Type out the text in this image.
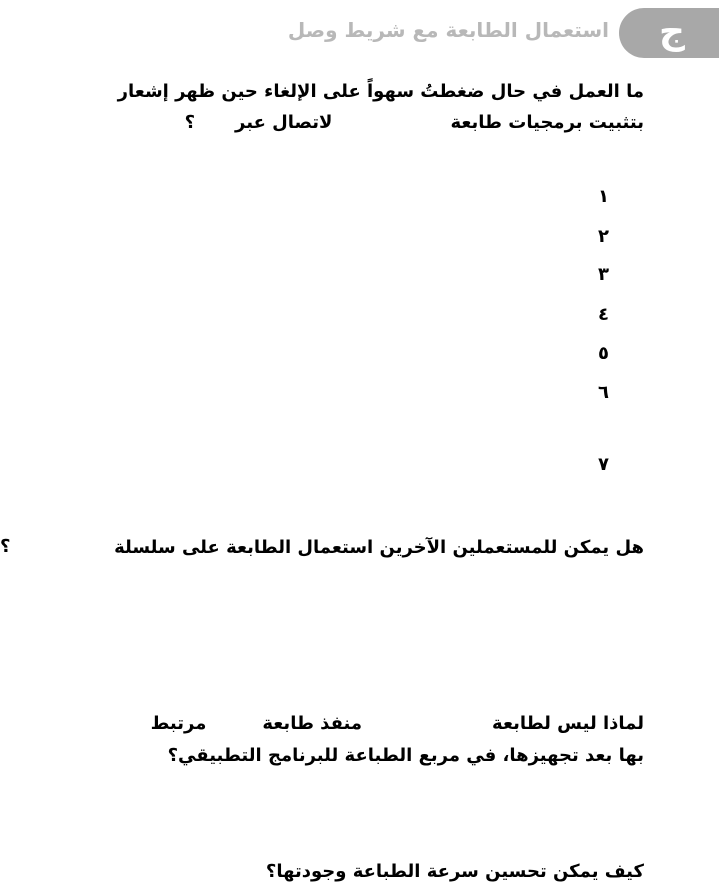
ج
استعمال الطابعة مع شريط وصل
ما العمل في حال ضغطتُ سهواً على الإلغاء حين ظهر إشعار
بتثبيت برمجيات طابعةلاتصال عبر؟
١
٢
٣
٤
٥
٦
٧
هل يمكن للمستعملين الآخرين استعمال الطابعة على سلسلة
؟
لماذا ليس لطابعةمنفذ طابعةمرتبط
بها بعد تجهيزها، في مربع الطباعة للبرنامج التطبيقي؟
كيف يمكن تحسين سرعة الطباعة وجودتها؟
